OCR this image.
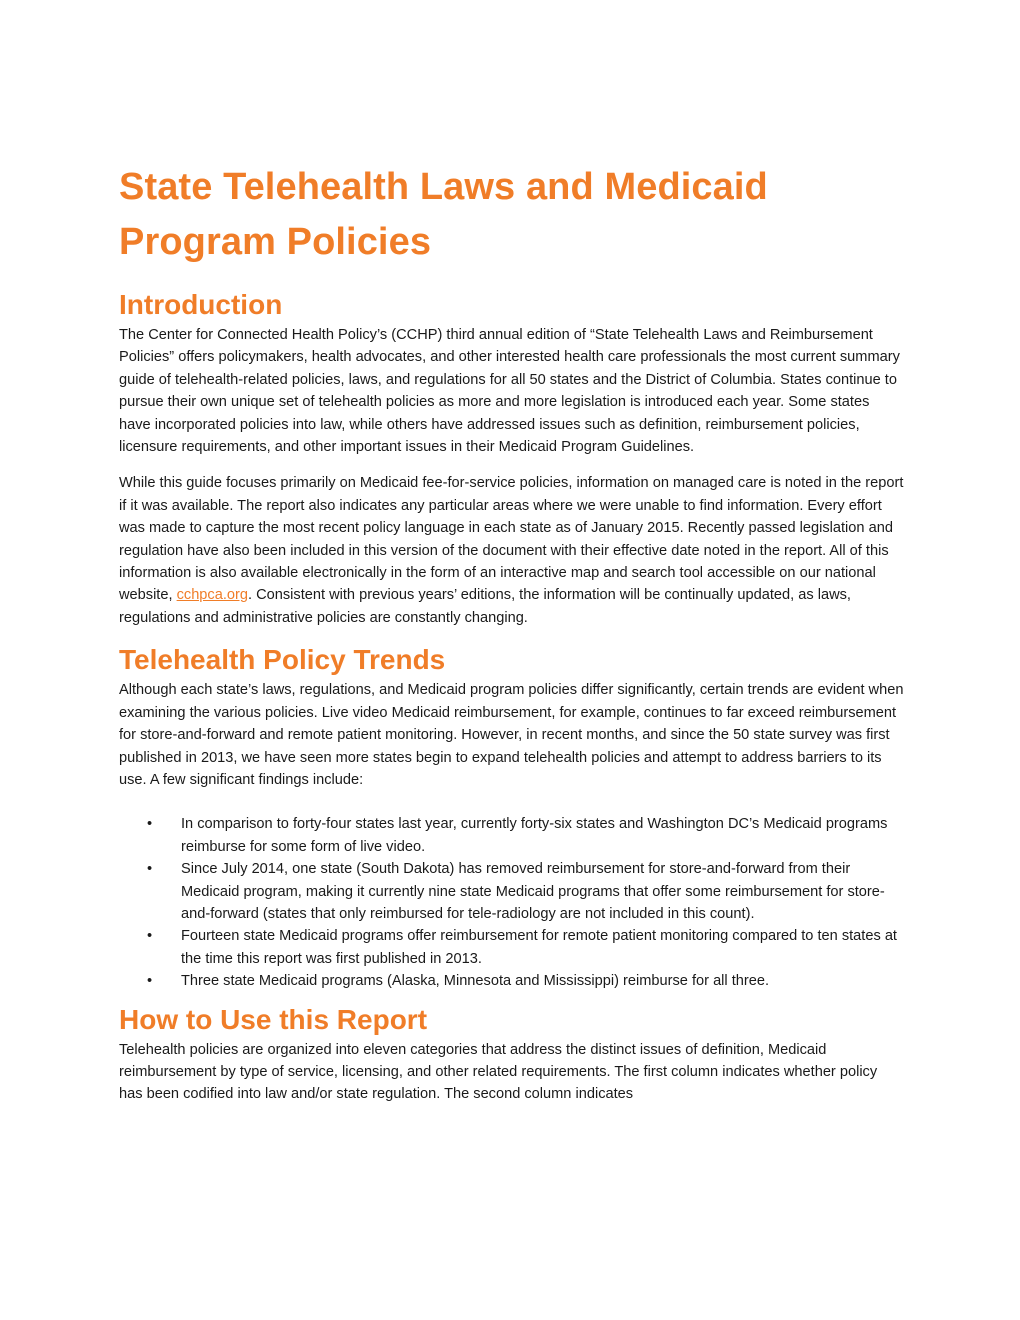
State Telehealth Laws and Medicaid Program Policies
Introduction

The Center for Connected Health Policy’s (CCHP) third annual edition of “State Telehealth Laws and Reimbursement Policies” offers policymakers, health advocates, and other interested health care professionals the most current summary guide of telehealth-related policies, laws, and regulations for all 50 states and the District of Columbia. States continue to pursue their own unique set of telehealth policies as more and more legislation is introduced each year. Some states have incorporated policies into law, while others have addressed issues such as definition, reimbursement policies, licensure requirements, and other important issues in their Medicaid Program Guidelines.

While this guide focuses primarily on Medicaid fee-for-service policies, information on managed care is noted in the report if it was available. The report also indicates any particular areas where we were unable to find information. Every effort was made to capture the most recent policy language in each state as of January 2015. Recently passed legislation and regulation have also been included in this version of the document with their effective date noted in the report. All of this information is also available electronically in the form of an interactive map and search tool accessible on our national website, cchpca.org. Consistent with previous years’ editions, the information will be continually updated, as laws, regulations and administrative policies are constantly changing.

Telehealth Policy Trends

Although each state’s laws, regulations, and Medicaid program policies differ significantly, certain trends are evident when examining the various policies. Live video Medicaid reimbursement, for example, continues to far exceed reimbursement for store-and-forward and remote patient monitoring. However, in recent months, and since the 50 state survey was first published in 2013, we have seen more states begin to expand telehealth policies and attempt to address barriers to its use. A few significant findings include:

• In comparison to forty-four states last year, currently forty-six states and Washington DC’s Medicaid programs reimburse for some form of live video.
• Since July 2014, one state (South Dakota) has removed reimbursement for store-and-forward from their Medicaid program, making it currently nine state Medicaid programs that offer some reimbursement for store-and-forward (states that only reimbursed for tele-radiology are not included in this count).
• Fourteen state Medicaid programs offer reimbursement for remote patient monitoring compared to ten states at the time this report was first published in 2013.
• Three state Medicaid programs (Alaska, Minnesota and Mississippi) reimburse for all three.
How to Use this Report

Telehealth policies are organized into eleven categories that address the distinct issues of definition, Medicaid reimbursement by type of service, licensing, and other related requirements. The first column indicates whether policy has been codified into law and/or state regulation. The second column indicates
